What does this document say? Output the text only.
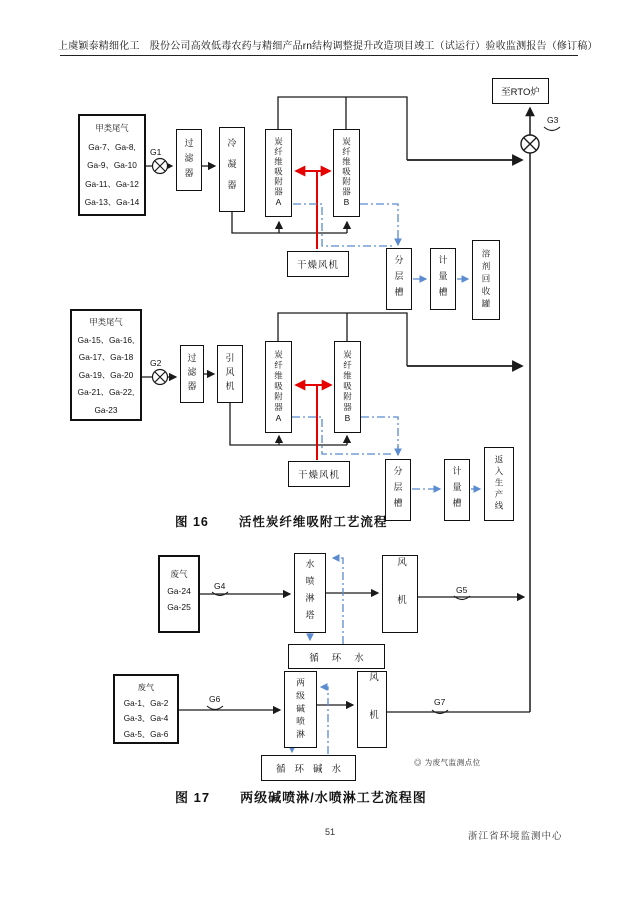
上虞颖泰精细化工　股份公司高效低毒农药与精细产品rn结构调整提升改造项目竣工（试运行）验收监测报告（修订稿）
甲类尾气
Ga-7、Ga-8,
Ga-9、Ga-10
Ga-11、Ga-12
Ga-13、Ga-14
G1 过滤器	冷凝器	炭纤维吸附器A	炭纤维吸附器B
至RTO炉
G3
干燥风机	分层槽	计量槽	溶剂回收罐
甲类尾气
Ga-15、Ga-16,
Ga-17、Ga-18
Ga-19、Ga-20
Ga-21、Ga-22,
Ga-23
G2	过滤器	引风机	炭纤维吸附器A	炭纤维吸附器B
干燥风机	分层槽	计量槽	返入生产线
图 16 活性炭纤维吸附工艺流程
废气
Ga-24
Ga-25
G4	水喷淋塔	风机	G5
循环水
废气
Ga-1、Ga-2
Ga-3、Ga-4
Ga-5、Ga-6
G6	两级碱喷淋	风机	G7
循环碱水
◎ 为废气监测点位
图 17 两级碱喷淋/水喷淋工艺流程图
51	浙江省环境监测中心
